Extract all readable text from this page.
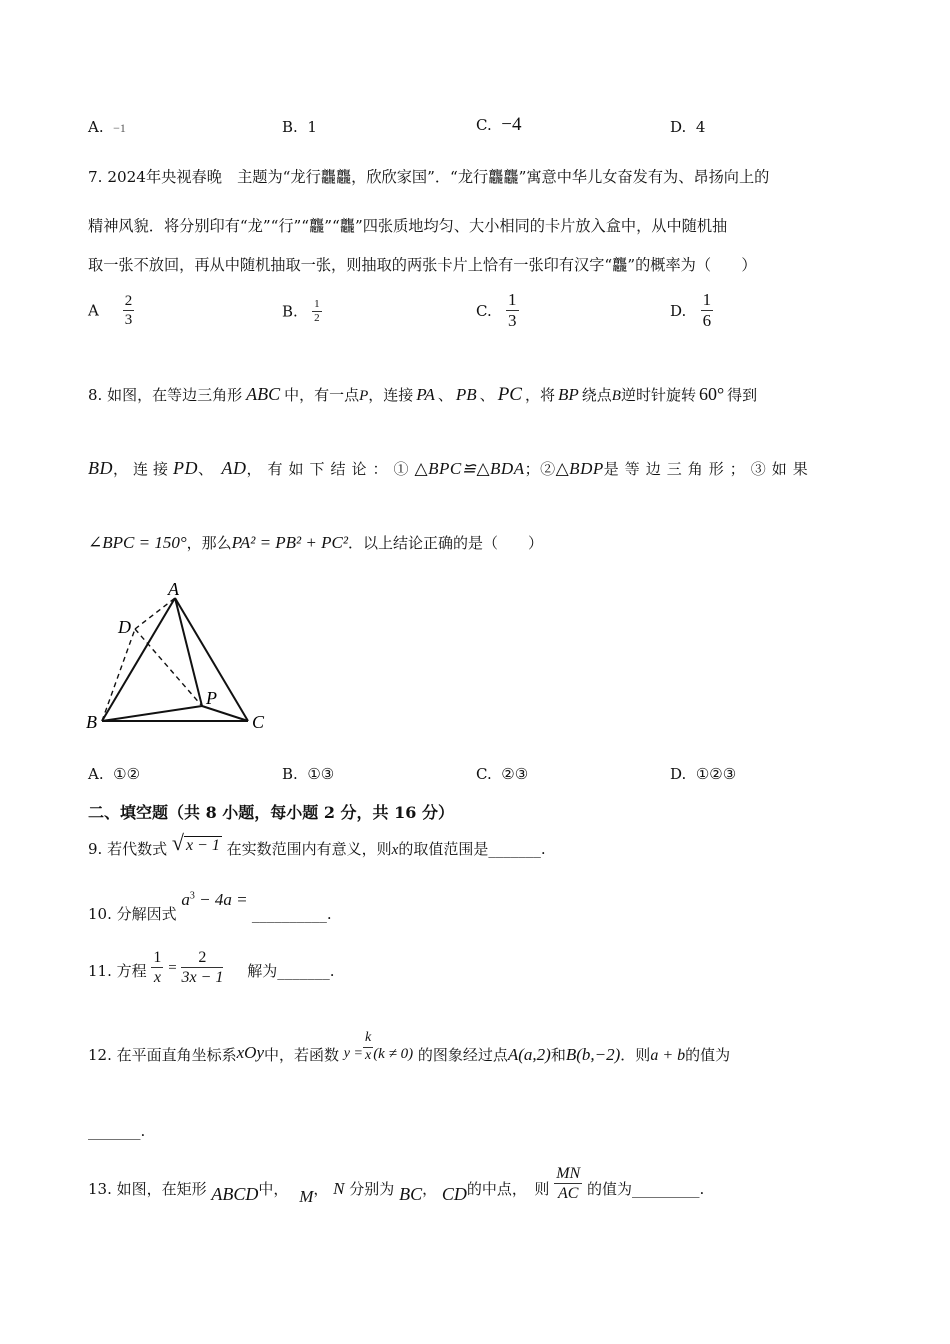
A. −1	B. 1	C. −4	D. 4
7. 2024年央视春晚　主题为“龙行龘龘，欣欣家国”．“龙行龘龘”寓意中华儿女奋发有为、昂扬向上的
精神风貌．将分别印有“龙”“行”“龘”“龘”四张质地均匀、大小相同的卡片放入盒中，从中随机抽
取一张不放回，再从中随机抽取一张，则抽取的两张卡片上恰有一张印有汉字“龘”的概率为（　　）
A $\frac{2}{3}$	B. $\frac{1}{2}$	C. $\frac{1}{3}$	D. $\frac{1}{6}$
8. 如图，在等边三角形 ABC 中，有一点P，连接 PA 、 PB 、 PC ，将 BP 绕点B逆时针旋转 60° 得到
BD，连接PD、 AD，有如下结论：①△BPC≌△BDA；②△BDP是等边三角形；③如果
∠BPC = 150°，那么PA² = PB² + PC²．以上结论正确的是（　　）
A
D
P
B	C
A. ①②	B. ①③	C. ②③	D. ①②③
二、填空题（共 8 小题，每小题 2 分，共 16 分）
9. 若代数式 √ x − 1 在实数范围内有意义，则x的取值范围是_______.
10. 分解因式 $a^3 - 4a$ = __________.
11. 方程 $\frac{1}{x} = \frac{2}{3x - 1}$ 解为_______.
12. 在平面直角坐标系xOy中，若函数 $y = \frac{k}{x} (k \ne 0)$ 的图象经过点A(a,2)和B(b,−2)．则a + b的值为
_______.
13. 如图，在矩形 ABCD中， M， N 分别为 BC， CD的中点，　则 $\frac{MN}{AC}$ 的值为_________.
